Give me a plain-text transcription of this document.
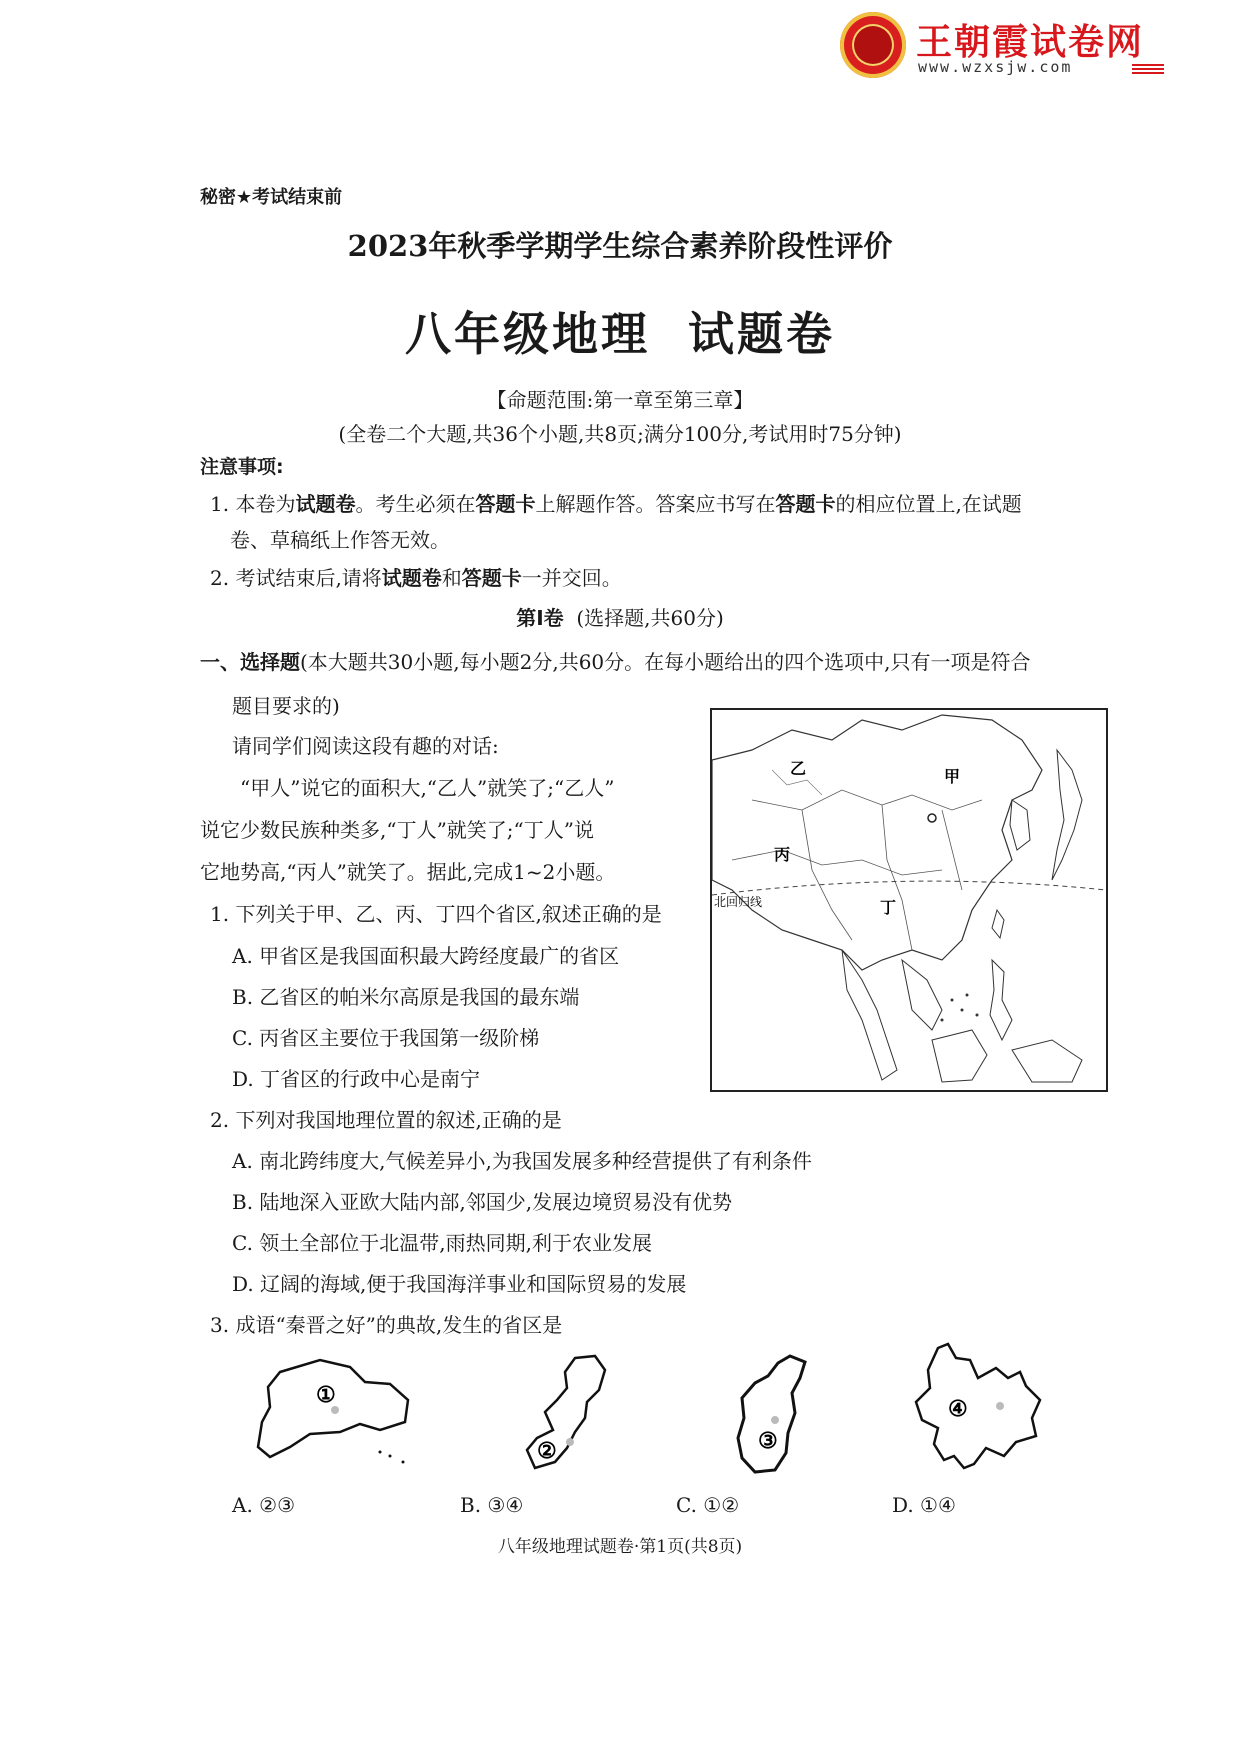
王朝霞试卷网
www.wzxsjw.com
秘密★考试结束前
2023年秋季学期学生综合素养阶段性评价
八年级地理  试题卷
【命题范围:第一章至第三章】
(全卷二个大题,共36个小题,共8页;满分100分,考试用时75分钟)
注意事项:
1. 本卷为试题卷。考生必须在答题卡上解题作答。答案应书写在答题卡的相应位置上,在试题
卷、草稿纸上作答无效。
2. 考试结束后,请将试题卷和答题卡一并交回。
第Ⅰ卷 (选择题,共60分)
一、选择题(本大题共30小题,每小题2分,共60分。在每小题给出的四个选项中,只有一项是符合
题目要求的)
请同学们阅读这段有趣的对话:
“甲人”说它的面积大,“乙人”就笑了;“乙人”
说它少数民族种类多,“丁人”就笑了;“丁人”说
它地势高,“丙人”就笑了。据此,完成1~2小题。
乙	甲
丙
丁
北回归线
1. 下列关于甲、乙、丙、丁四个省区,叙述正确的是
A. 甲省区是我国面积最大跨经度最广的省区
B. 乙省区的帕米尔高原是我国的最东端
C. 丙省区主要位于我国第一级阶梯
D. 丁省区的行政中心是南宁
2. 下列对我国地理位置的叙述,正确的是
A. 南北跨纬度大,气候差异小,为我国发展多种经营提供了有利条件
B. 陆地深入亚欧大陆内部,邻国少,发展边境贸易没有优势
C. 领土全部位于北温带,雨热同期,利于农业发展
D. 辽阔的海域,便于我国海洋事业和国际贸易的发展
3. 成语“秦晋之好”的典故,发生的省区是
①
②	③
④
A. ②③	B. ③④	C. ①②	D. ①④
八年级地理试题卷·第1页(共8页)
